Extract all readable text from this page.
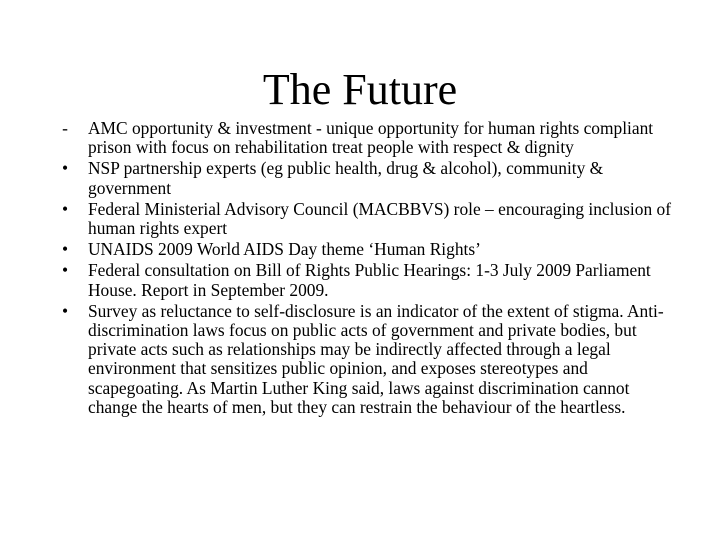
The Future
- AMC opportunity & investment - unique opportunity for human rights compliant prison with focus on rehabilitation treat people with respect & dignity
• NSP partnership experts (eg public health, drug & alcohol), community & government
• Federal Ministerial Advisory Council (MACBBVS) role – encouraging inclusion of human rights expert
• UNAIDS 2009 World AIDS Day theme ‘Human Rights’
• Federal consultation on Bill of Rights Public Hearings: 1-3 July 2009 Parliament House. Report in September 2009.
• Survey as reluctance to self-disclosure is an indicator of the extent of stigma. Anti-discrimination laws focus on public acts of government and private bodies, but private acts such as relationships may be indirectly affected through a legal environment that sensitizes public opinion, and exposes stereotypes and scapegoating. As Martin Luther King said, laws against discrimination cannot change the hearts of men, but they can restrain the behaviour of the heartless.
